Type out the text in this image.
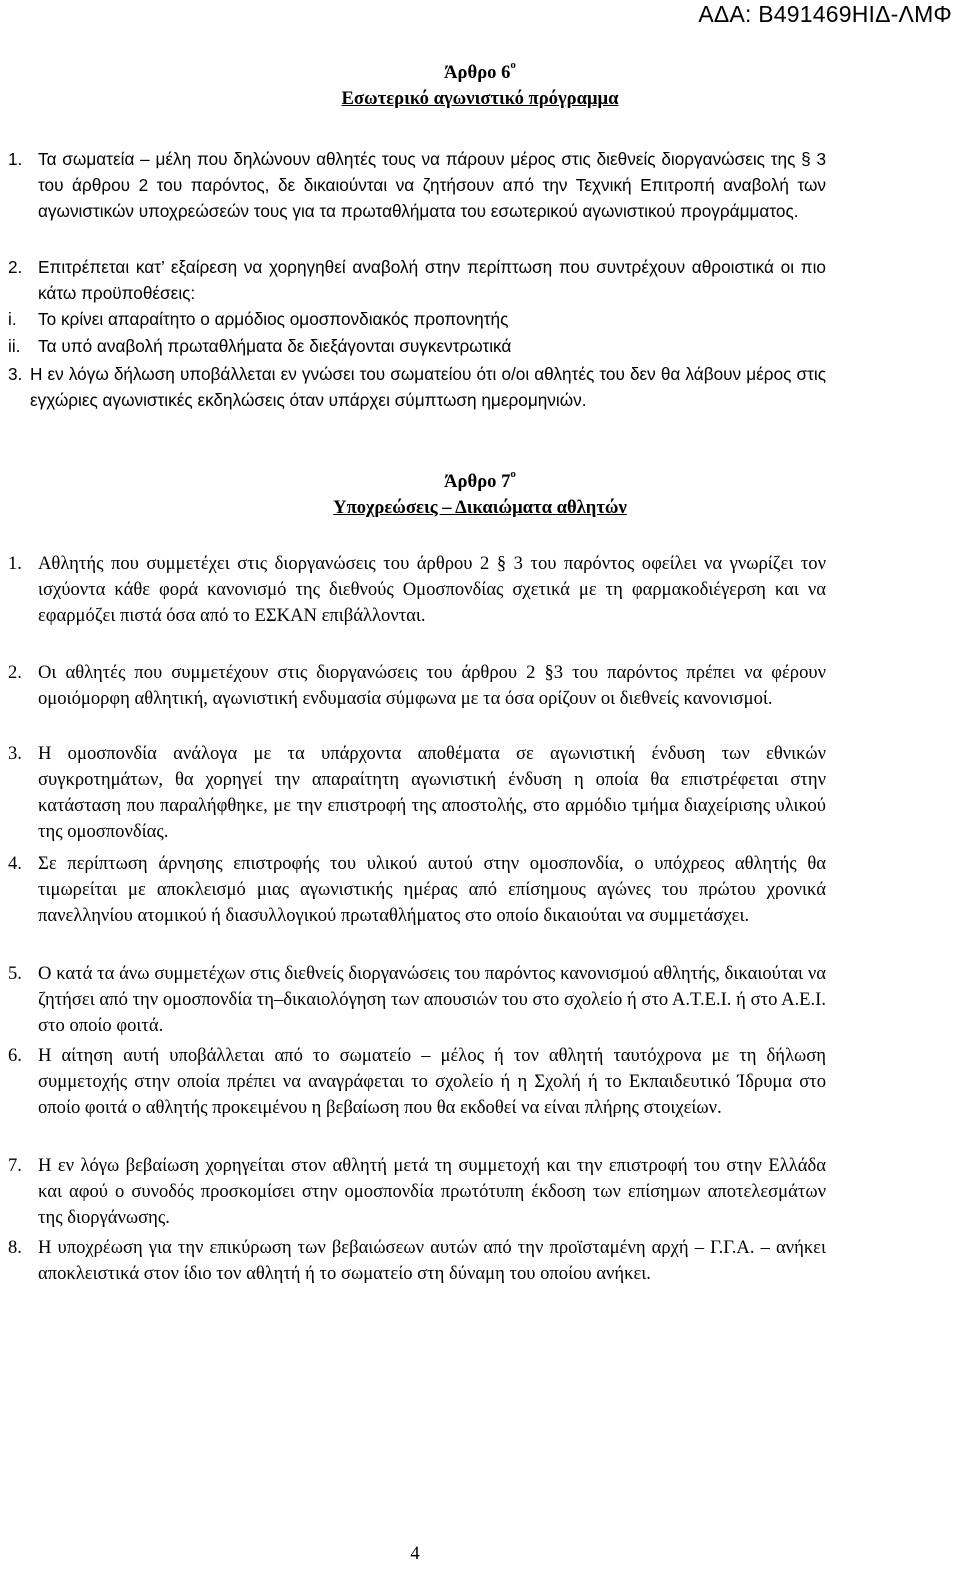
ΑΔΑ: Β491469ΗΙΔ-ΛΜΦ
Άρθρο $6^o$
Εσωτερικό αγωνιστικό πρόγραμμα
1. Τα σωματεία – μέλη που δηλώνουν αθλητές τους να πάρουν μέρος στις διεθνείς διοργανώσεις της § 3 του άρθρου 2 του παρόντος, δε δικαιούνται να ζητήσουν από την Τεχνική Επιτροπή αναβολή των αγωνιστικών υποχρεώσεών τους για τα πρωταθλήματα του εσωτερικού αγωνιστικού προγράμματος.
2. Επιτρέπεται κατ’ εξαίρεση να χορηγηθεί αναβολή στην περίπτωση που συντρέχουν αθροιστικά οι πιο κάτω προϋποθέσεις:
i. Το κρίνει απαραίτητο ο αρμόδιος ομοσπονδιακός προπονητής
ii. Τα υπό αναβολή πρωταθλήματα δε διεξάγονται συγκεντρωτικά
3. Η εν λόγω δήλωση υποβάλλεται εν γνώσει του σωματείου ότι ο/οι αθλητές του δεν θα λάβουν μέρος στις εγχώριες αγωνιστικές εκδηλώσεις όταν υπάρχει σύμπτωση ημερομηνιών.
Άρθρο $7^o$
Υποχρεώσεις – Δικαιώματα αθλητών
1. Αθλητής που συμμετέχει στις διοργανώσεις του άρθρου 2 § 3 του παρόντος οφείλει να γνωρίζει τον ισχύοντα κάθε φορά κανονισμό της διεθνούς Ομοσπονδίας σχετικά με τη φαρμακοδιέγερση και να εφαρμόζει πιστά όσα από το ΕΣΚΑΝ επιβάλλονται.
2. Οι αθλητές που συμμετέχουν στις διοργανώσεις του άρθρου 2 §3 του παρόντος πρέπει να φέρουν ομοιόμορφη αθλητική, αγωνιστική ενδυμασία σύμφωνα με τα όσα ορίζουν οι διεθνείς κανονισμοί.
3. Η ομοσπονδία ανάλογα με τα υπάρχοντα αποθέματα σε αγωνιστική ένδυση των εθνικών συγκροτημάτων, θα χορηγεί την απαραίτητη αγωνιστική ένδυση η οποία θα επιστρέφεται στην κατάσταση που παραλήφθηκε, με την επιστροφή της αποστολής, στο αρμόδιο τμήμα διαχείρισης υλικού της ομοσπονδίας.
4. Σε περίπτωση άρνησης επιστροφής του υλικού αυτού στην ομοσπονδία, ο υπόχρεος αθλητής θα τιμωρείται με αποκλεισμό μιας αγωνιστικής ημέρας από επίσημους αγώνες του πρώτου χρονικά πανελληνίου ατομικού ή διασυλλογικού πρωταθλήματος στο οποίο δικαιούται να συμμετάσχει.
5. Ο κατά τα άνω συμμετέχων στις διεθνείς διοργανώσεις του παρόντος κανονισμού αθλητής, δικαιούται να ζητήσει από την ομοσπονδία τη–δικαιολόγηση των απουσιών του στο σχολείο ή στο Α.Τ.Ε.Ι. ή στο Α.Ε.Ι. στο οποίο φοιτά.
6. Η αίτηση αυτή υποβάλλεται από το σωματείο – μέλος ή τον αθλητή ταυτόχρονα με τη δήλωση συμμετοχής στην οποία πρέπει να αναγράφεται το σχολείο ή η Σχολή ή το Εκπαιδευτικό Ίδρυμα στο οποίο φοιτά ο αθλητής προκειμένου η βεβαίωση που θα εκδοθεί να είναι πλήρης στοιχείων.
7. Η εν λόγω βεβαίωση χορηγείται στον αθλητή μετά τη συμμετοχή και την επιστροφή του στην Ελλάδα και αφού ο συνοδός προσκομίσει στην ομοσπονδία πρωτότυπη έκδοση των επίσημων αποτελεσμάτων της διοργάνωσης.
8. Η υποχρέωση για την επικύρωση των βεβαιώσεων αυτών από την προϊσταμένη αρχή – Γ.Γ.Α. – ανήκει αποκλειστικά στον ίδιο τον αθλητή ή το σωματείο στη δύναμη του οποίου ανήκει.
4
